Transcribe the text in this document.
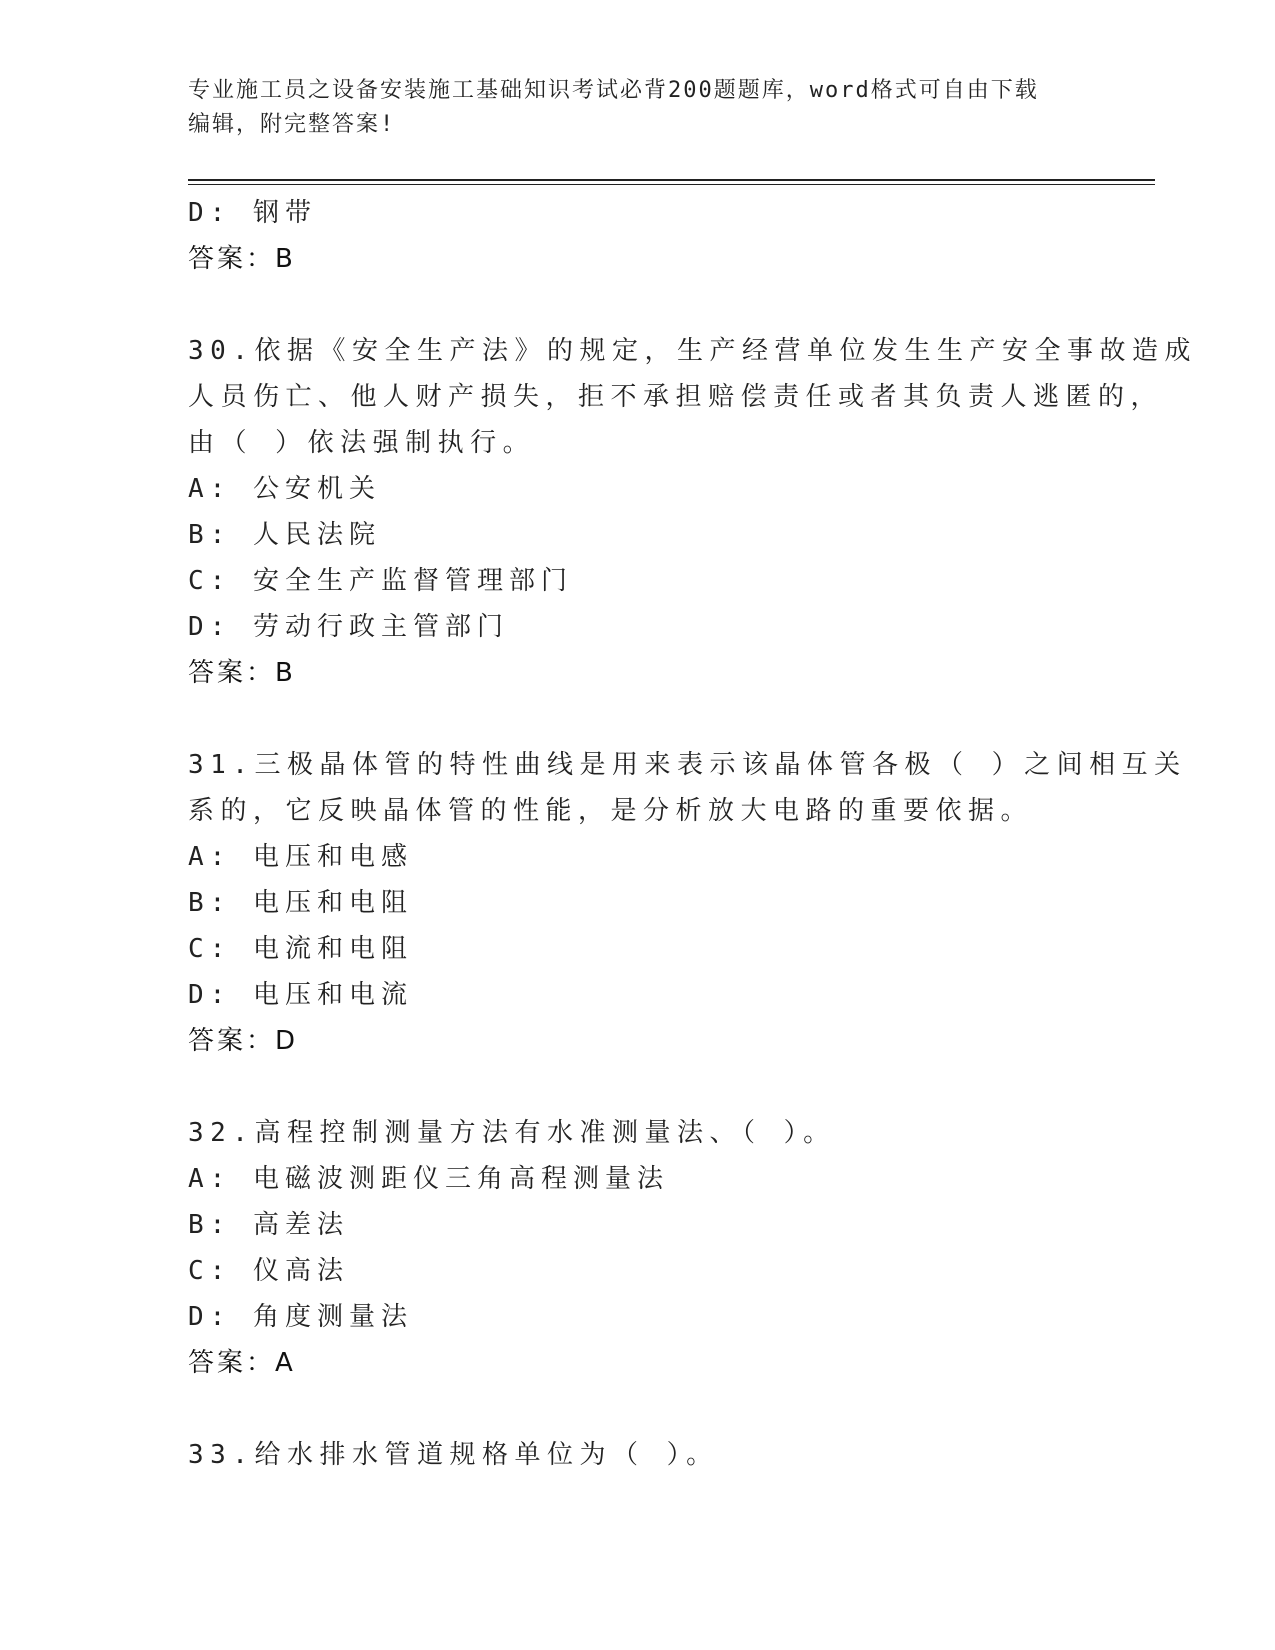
专业施工员之设备安装施工基础知识考试必背200题题库，word格式可自由下载
编辑，附完整答案!
D: 钢带
答案：B
30.依据《安全生产法》的规定，生产经营单位发生生产安全事故造成
人员伤亡、他人财产损失，拒不承担赔偿责任或者其负责人逃匿的，
由（ ）依法强制执行。
A: 公安机关
B: 人民法院
C: 安全生产监督管理部门
D: 劳动行政主管部门
答案：B
31.三极晶体管的特性曲线是用来表示该晶体管各极（ ）之间相互关
系的，它反映晶体管的性能，是分析放大电路的重要依据。
A: 电压和电感
B: 电压和电阻
C: 电流和电阻
D: 电压和电流
答案：D
32.高程控制测量方法有水准测量法、（ ）。
A: 电磁波测距仪三角高程测量法
B: 高差法
C: 仪高法
D: 角度测量法
答案：A
33.给水排水管道规格单位为（ ）。
